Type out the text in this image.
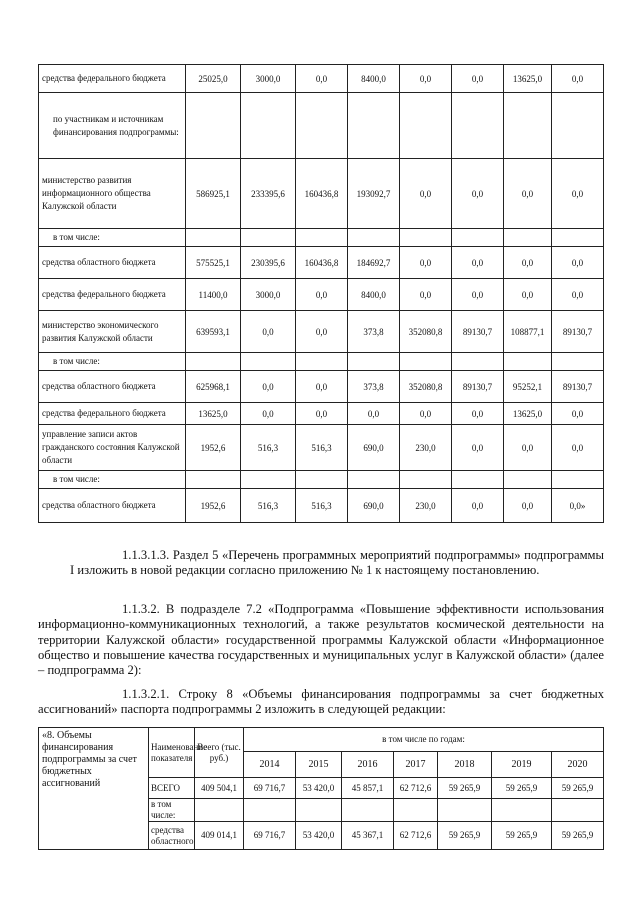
средства федерального бюджета	25025,0	3000,0	0,0	8400,0	0,0	0,0	13625,0	0,0
по участникам и источникам финансирования подпрограммы:								
министерство развития информационного общества Калужской области	586925,1	233395,6	160436,8	193092,7	0,0	0,0	0,0	0,0
в том числе:								
средства областного бюджета	575525,1	230395,6	160436,8	184692,7	0,0	0,0	0,0	0,0
средства федерального бюджета	11400,0	3000,0	0,0	8400,0	0,0	0,0	0,0	0,0
министерство экономического развития Калужской области	639593,1	0,0	0,0	373,8	352080,8	89130,7	108877,1	89130,7
в том числе:								
средства областного бюджета	625968,1	0,0	0,0	373,8	352080,8	89130,7	95252,1	89130,7
средства федерального бюджета	13625,0	0,0	0,0	0,0	0,0	0,0	13625,0	0,0
управление записи актов гражданского состояния Калужской области	1952,6	516,3	516,3	690,0	230,0	0,0	0,0	0,0
в том числе:								
средства областного бюджета	1952,6	516,3	516,3	690,0	230,0	0,0	0,0	0,0»
1.1.3.1.3. Раздел 5 «Перечень программных мероприятий подпрограммы» подпрограммы I изложить в новой редакции согласно приложению № 1 к настоящему постановлению.
1.1.3.2. В подразделе 7.2 «Подпрограмма «Повышение эффективности использования информационно-коммуникационных технологий, а также результатов космической деятельности на территории Калужской области» государственной программы Калужской области «Информационное общество и повышение качества государственных и муниципальных услуг в Калужской области» (далее – подпрограмма 2):
1.1.3.2.1. Строку 8 «Объемы финансирования подпрограммы за счет бюджетных ассигнований» паспорта подпрограммы 2 изложить в следующей редакции:
«8. Объемы финансирования подпрограммы за счет бюджетных ассигнований	Наименование показателя	Всего (тыс. руб.)	в том числе по годам:						
			2014	2015	2016	2017	2018	2019	2020
	ВСЕГО	409 504,1	69 716,7	53 420,0	45 857,1	62 712,6	59 265,9	59 265,9	59 265,9
	в том числе:								
	средства областного	409 014,1	69 716,7	53 420,0	45 367,1	62 712,6	59 265,9	59 265,9	59 265,9
